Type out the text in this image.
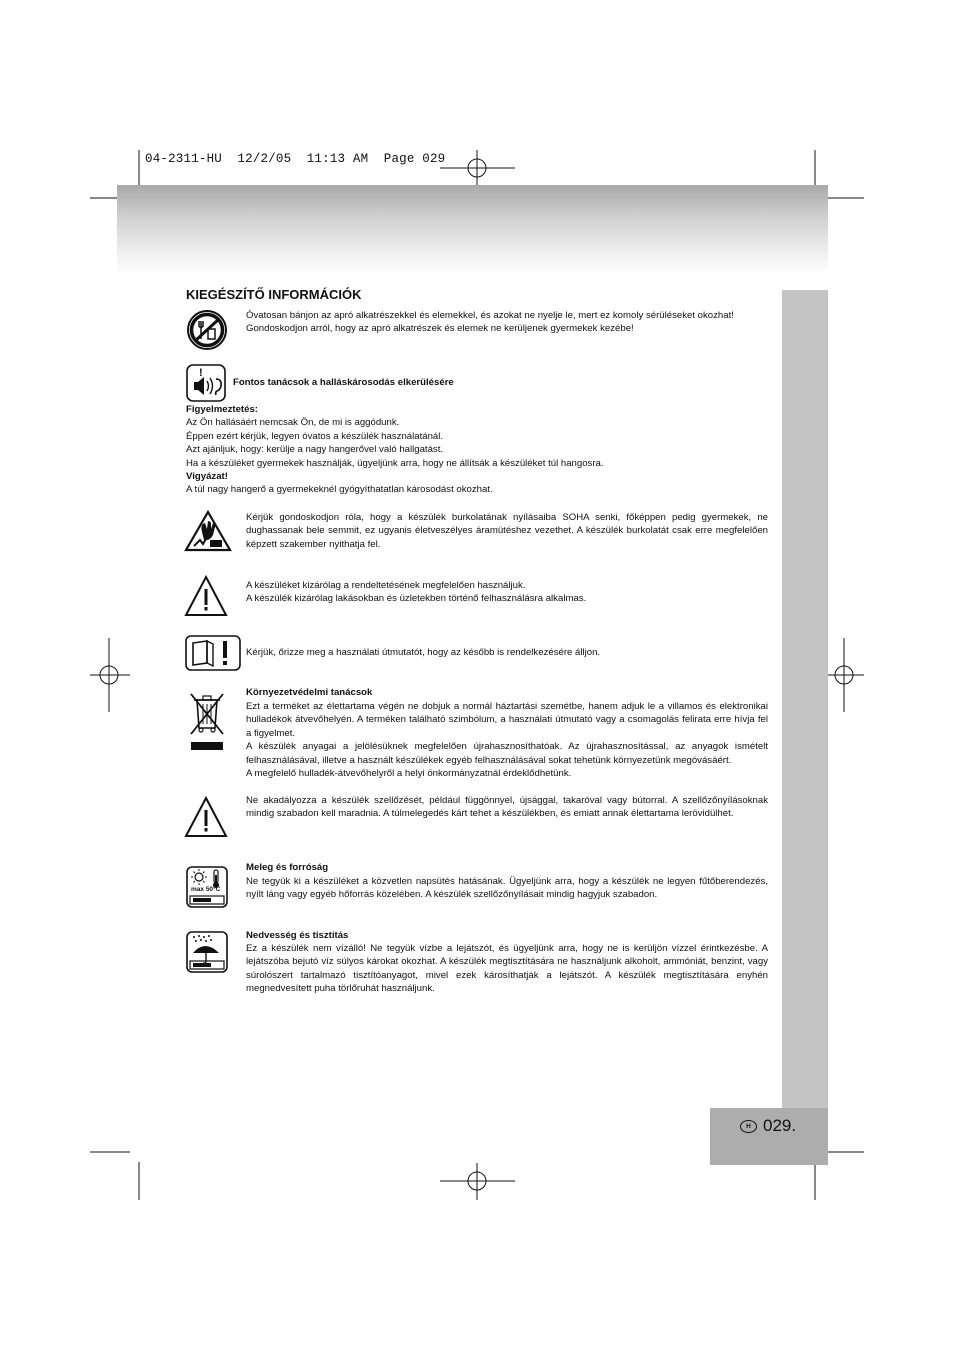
04-2311-HU  12/2/05  11:13 AM  Page 029
H 029.
KIEGÉSZÍTŐ INFORMÁCIÓK
Óvatosan bánjon az apró alkatrészekkel és elemekkel, és azokat ne nyelje le, mert ez komoly sérüléseket okozhat!
Gondoskodjon arról, hogy az apró alkatrészek és elemek ne kerüljenek gyermekek kezébe!
!
Fontos tanácsok a halláskárosodás elkerülésére
Figyelmeztetés:
Az Ön hallásáért nemcsak Ön, de mi is aggódunk.
Éppen ezért kérjük, legyen óvatos a készülék használatánál.
Azt ajánljuk, hogy: kerülje a nagy hangerővel való hallgatást.
Ha a készüléket gyermekek használják, ügyeljünk arra, hogy ne állítsák a készüléket túl hangosra.
Vigyázat!
A túl nagy hangerő a gyermekeknél gyógyíthatatlan károsodást okozhat.
Kérjük gondoskodjon róla, hogy a készülék burkolatának nyílásaiba SOHA senki, főképpen pedig gyermekek, ne dughassanak bele semmit, ez ugyanis életveszélyes áramütéshez vezethet. A készülék burkolatát csak erre megfelelően képzett szakember nyithatja fel.
A készüléket kizárólag a rendeltetésének megfelelően használjuk.
A készülék kizárólag lakásokban és üzletekben történő felhasználásra alkalmas.
Kérjük, őrizze meg a használati útmutatót, hogy az később is rendelkezésére álljon.
Környezetvédelmi tanácsok
Ezt a terméket az élettartama végén ne dobjuk a normál háztartási szemétbe, hanem adjuk le a villamos és elektronikai hulladékok átvevőhelyén. A terméken található szimbólum, a használati útmutató vagy a csomagolás felirata erre hívja fel a figyelmet.
A készülék anyagai a jelölésüknek megfelelően újrahasznosíthatóak. Az újrahasznosítással, az anyagok ismételt felhasználásával, illetve a használt készülékek egyéb felhasználásával sokat tehetünk környezetünk megóvásáért.
A megfelelő hulladék-átvevőhelyről a helyi önkormányzatnál érdeklődhetünk.
Ne akadályozza a készülék szellőzését, például függönnyel, újsággal, takaróval vagy bútorral. A szellőzőnyílásoknak mindig szabadon kell maradnia. A túlmelegedés kárt tehet a készülékben, és emiatt annak élettartama lerövidülhet.
max 50°C
Meleg és forróság
Ne tegyük ki a készüléket a közvetlen napsütés hatásának. Ügyeljünk arra, hogy a készülék ne legyen fűtőberendezés, nyílt láng vagy egyéb hőforrás közelében. A készülék szellőzőnyílásait mindig hagyjuk szabadon.
Nedvesség és tisztítás
Ez a készülék nem vízálló! Ne tegyük vízbe a lejátszót, és ügyeljünk arra, hogy ne is kerüljön vízzel érintkezésbe. A lejátszóba bejutó víz súlyos károkat okozhat. A készülék megtisztítására ne használjunk alkoholt, ammóniát, benzint, vagy súrolószert tartalmazó tisztítóanyagot, mivel ezek károsíthatják a lejátszót. A készülék megtisztítására enyhén megnedvesített puha törlőruhát használjunk.
